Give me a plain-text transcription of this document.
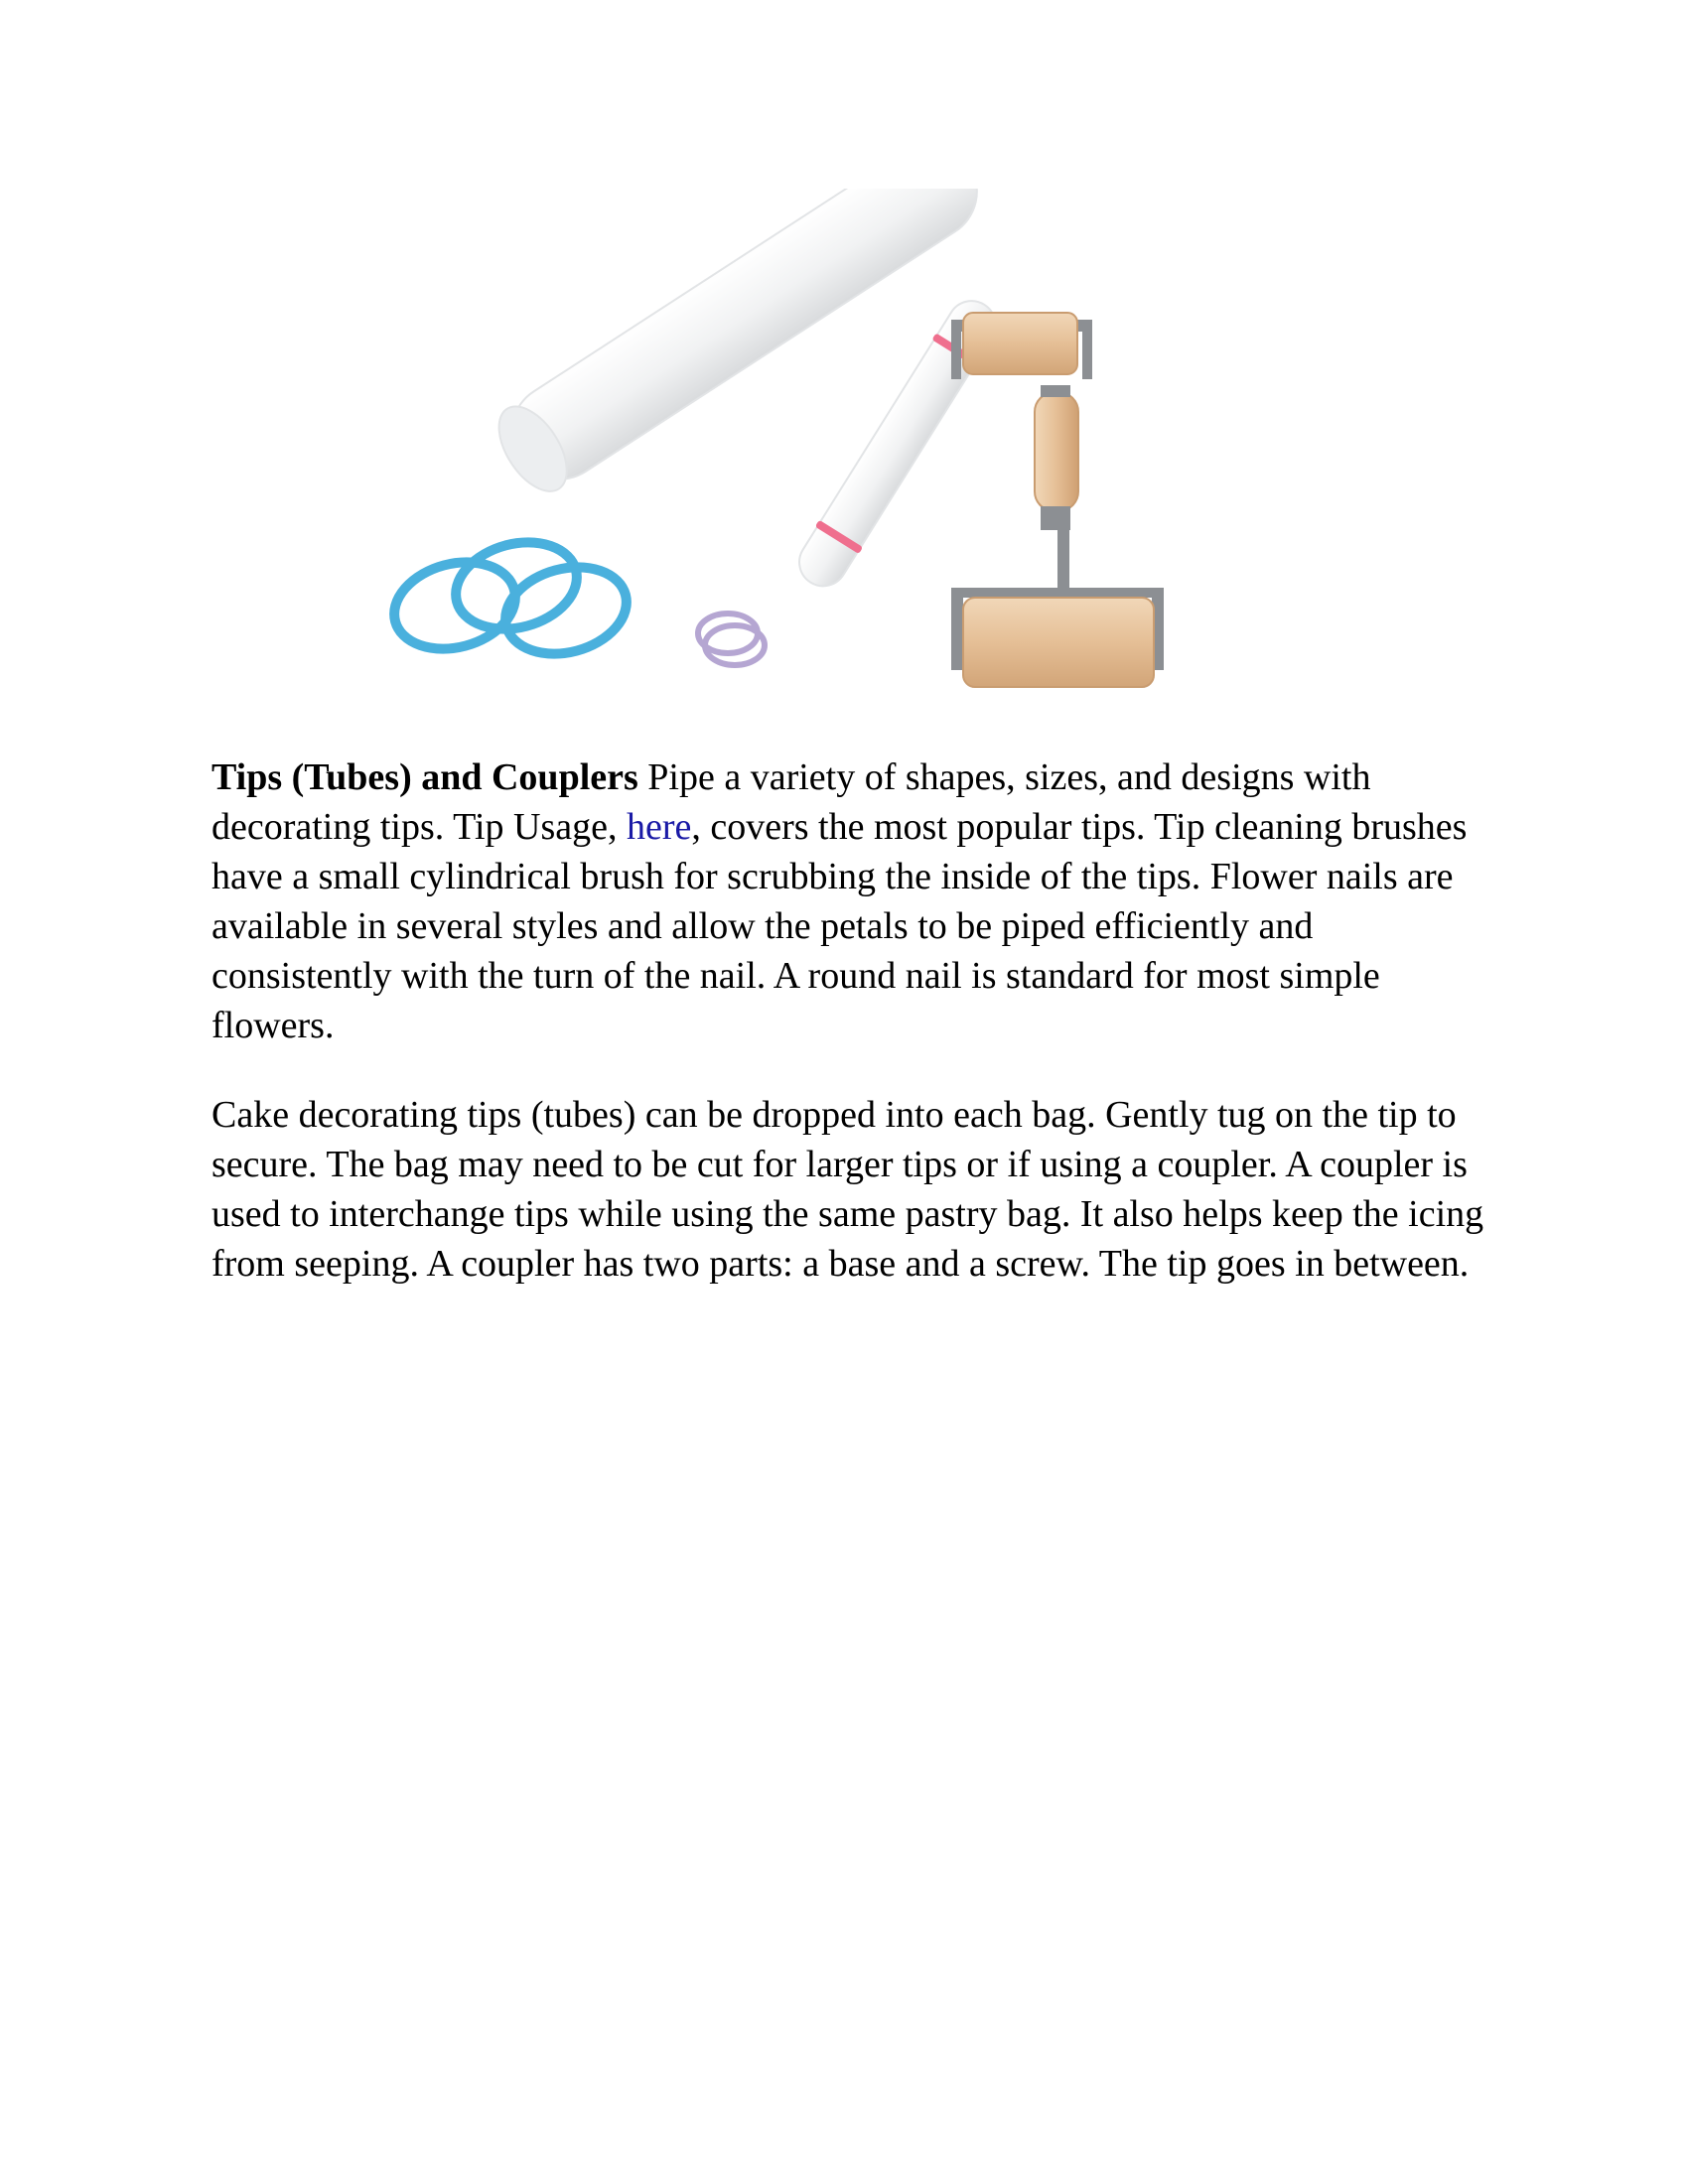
Tips (Tubes) and Couplers Pipe a variety of shapes, sizes, and designs with decorating tips. Tip Usage, here, covers the most popular tips. Tip cleaning brushes have a small cylindrical brush for scrubbing the inside of the tips. Flower nails are available in several styles and allow the petals to be piped efficiently and consistently with the turn of the nail. A round nail is standard for most simple flowers.

Cake decorating tips (tubes) can be dropped into each bag. Gently tug on the tip to secure. The bag may need to be cut for larger tips or if using a coupler. A coupler is used to interchange tips while using the same pastry bag. It also helps keep the icing from seeping. A coupler has two parts: a base and a screw. The tip goes in between.
